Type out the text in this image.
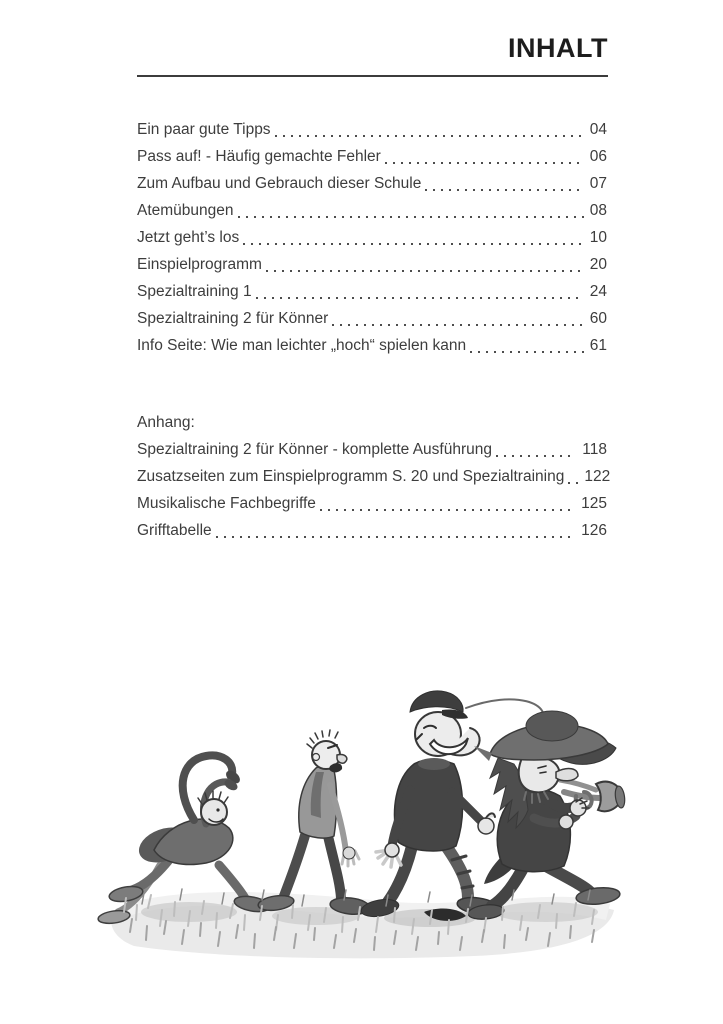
INHALT
Ein paar gute Tipps	04
Pass auf! - Häufig gemachte Fehler	06
Zum Aufbau und Gebrauch dieser Schule	07
Atemübungen	08
Jetzt geht’s los	10
Einspielprogramm	20
Spezialtraining 1	24
Spezialtraining 2 für Könner	60
Info Seite: Wie man leichter „hoch“ spielen kann	61
Anhang:
Spezialtraining 2 für Könner - komplette Ausführung	118
Zusatzseiten zum Einspielprogramm S. 20 und Spezialtraining 122
Musikalische Fachbegriffe	125
Grifftabelle	126
